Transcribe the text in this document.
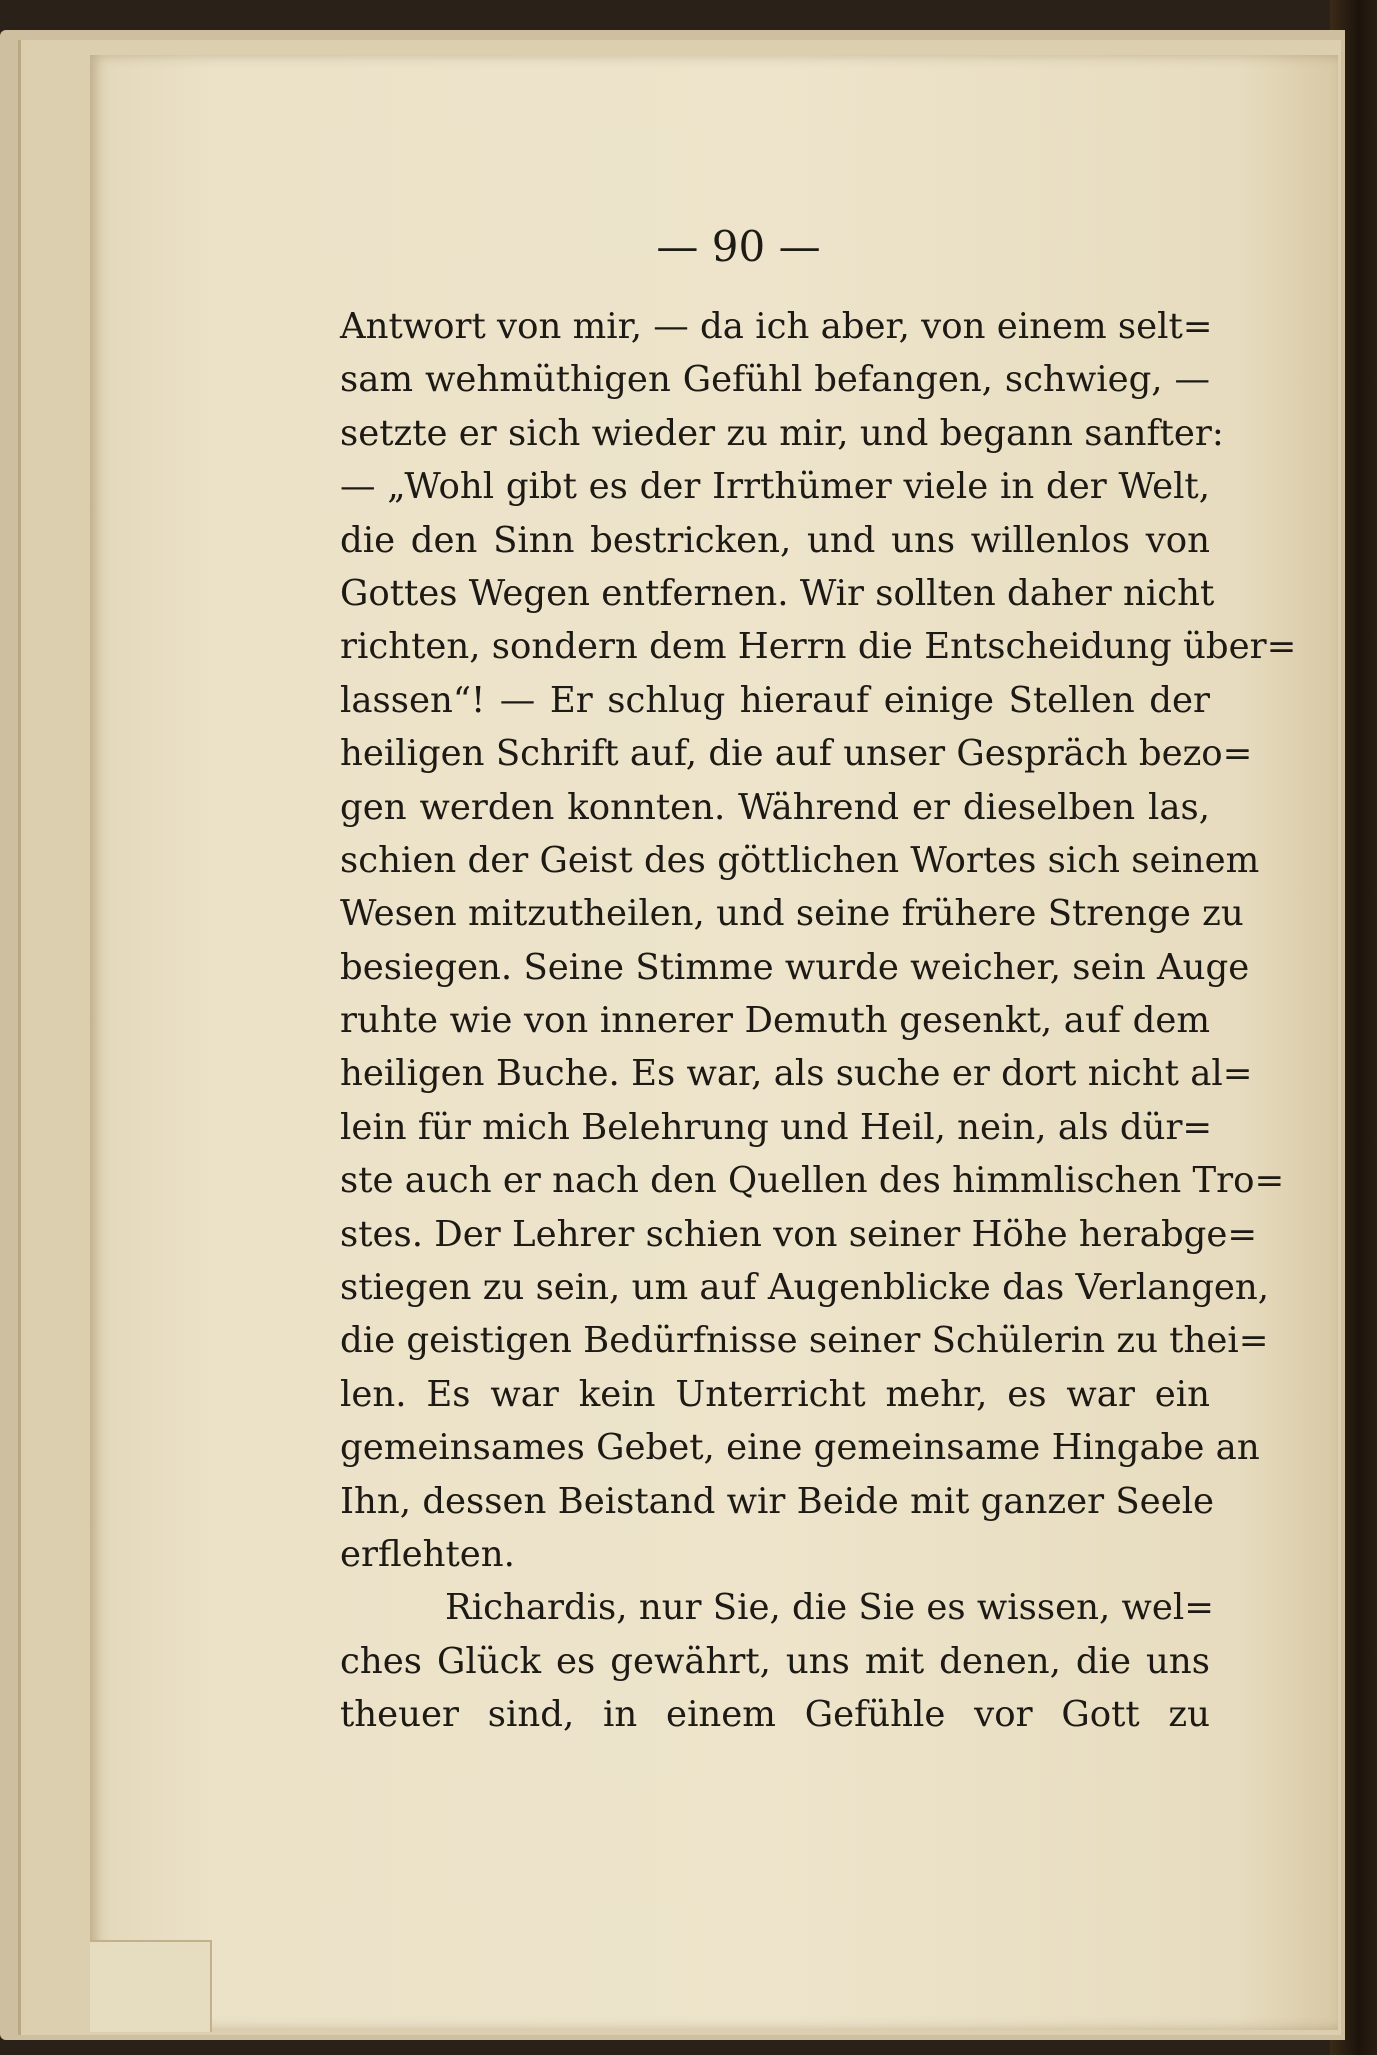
— 90 —
Antwort von mir, — da ich aber, von einem selt=
sam wehmüthigen Gefühl befangen, schwieg, —
setzte er sich wieder zu mir, und begann sanfter:
— „Wohl gibt es der Irrthümer viele in der Welt,
die den Sinn bestricken, und uns willenlos von
Gottes Wegen entfernen. Wir sollten daher nicht
richten, sondern dem Herrn die Entscheidung über=
lassen“! — Er schlug hierauf einige Stellen der
heiligen Schrift auf, die auf unser Gespräch bezo=
gen werden konnten. Während er dieselben las,
schien der Geist des göttlichen Wortes sich seinem
Wesen mitzutheilen, und seine frühere Strenge zu
besiegen. Seine Stimme wurde weicher, sein Auge
ruhte wie von innerer Demuth gesenkt, auf dem
heiligen Buche. Es war, als suche er dort nicht al=
lein für mich Belehrung und Heil, nein, als dür=
ste auch er nach den Quellen des himmlischen Tro=
stes. Der Lehrer schien von seiner Höhe herabge=
stiegen zu sein, um auf Augenblicke das Verlangen,
die geistigen Bedürfnisse seiner Schülerin zu thei=
len. Es war kein Unterricht mehr, es war ein
gemeinsames Gebet, eine gemeinsame Hingabe an
Ihn, dessen Beistand wir Beide mit ganzer Seele
erflehten.
Richardis, nur Sie, die Sie es wissen, wel=
ches Glück es gewährt, uns mit denen, die uns
theuer sind, in einem Gefühle vor Gott zu
